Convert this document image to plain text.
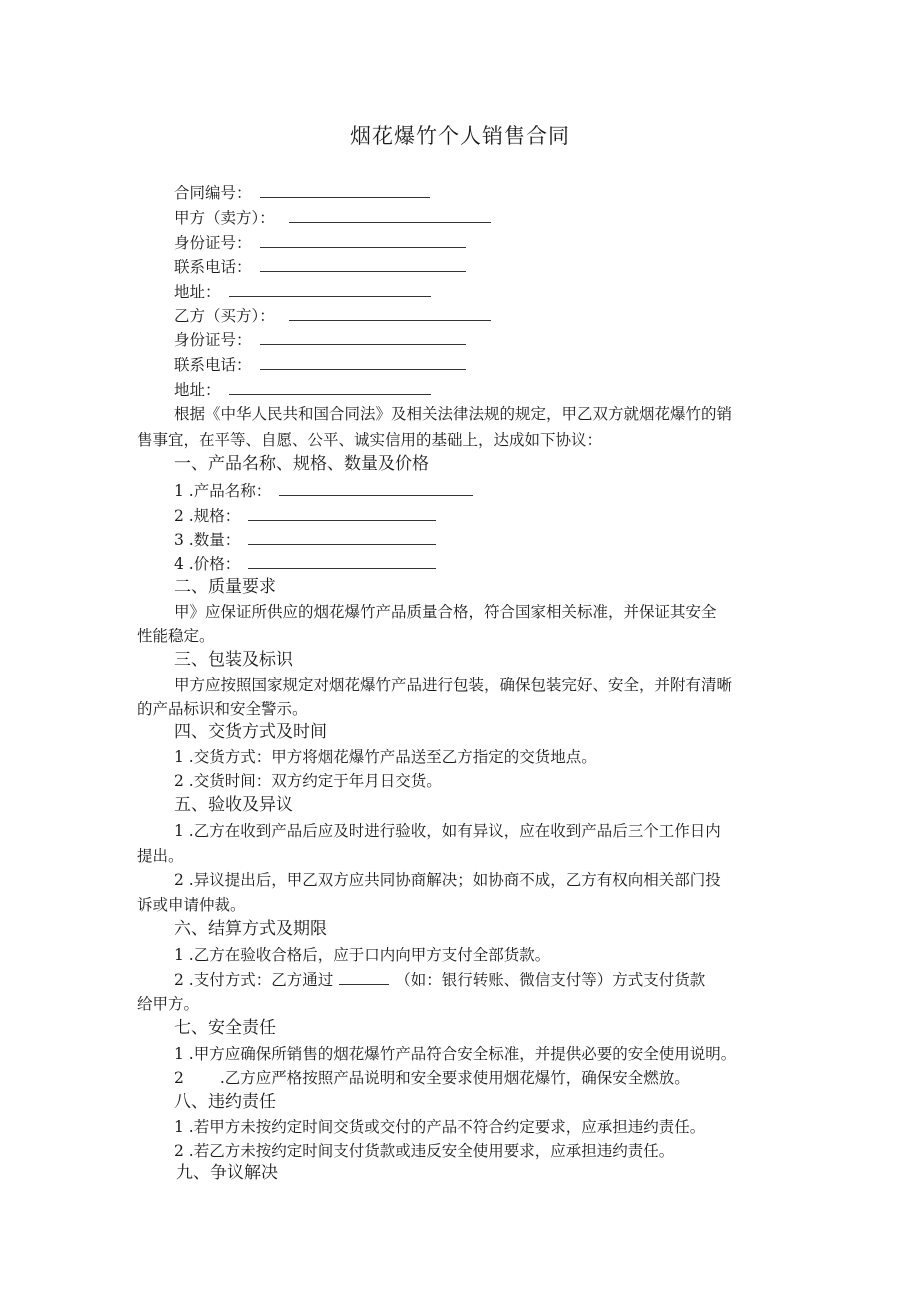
烟花爆竹个人销售合同
合同编号：
甲方（卖方）：
身份证号：
联系电话：
地址：
乙方（买方）：
身份证号：
联系电话：
地址：
根据《中华人民共和国合同法》及相关法律法规的规定，甲乙双方就烟花爆竹的销
售事宜，在平等、自愿、公平、诚实信用的基础上，达成如下协议：
一、产品名称、规格、数量及价格
1 .产品名称：
2 .规格：
3 .数量：
4 .价格：
二、质量要求
甲》应保证所供应的烟花爆竹产品质量合格，符合国家相关标准，并保证其安全
性能稳定。
三、包装及标识
甲方应按照国家规定对烟花爆竹产品进行包装，确保包装完好、安全，并附有清晰
的产品标识和安全警示。
四、交货方式及时间
1 .交货方式：甲方将烟花爆竹产品送至乙方指定的交货地点。
2 .交货时间：双方约定于年月日交货。
五、验收及异议
1 .乙方在收到产品后应及时进行验收，如有异议，应在收到产品后三个工作日内
提出。
2 .异议提出后，甲乙双方应共同协商解决；如协商不成，乙方有权向相关部门投
诉或申请仲裁。
六、结算方式及期限
1 .乙方在验收合格后，应于口内向甲方支付全部货款。
2 .支付方式：乙方通过	（如：银行转账、微信支付等）方式支付货款
给甲方。
七、安全责任
1 .甲方应确保所销售的烟花爆竹产品符合安全标准，并提供必要的安全使用说明。
2 .乙方应严格按照产品说明和安全要求使用烟花爆竹，确保安全燃放。
八、违约责任
1 .若甲方未按约定时间交货或交付的产品不符合约定要求，应承担违约责任。
2 .若乙方未按约定时间支付货款或违反安全使用要求，应承担违约责任。
九、争议解决
